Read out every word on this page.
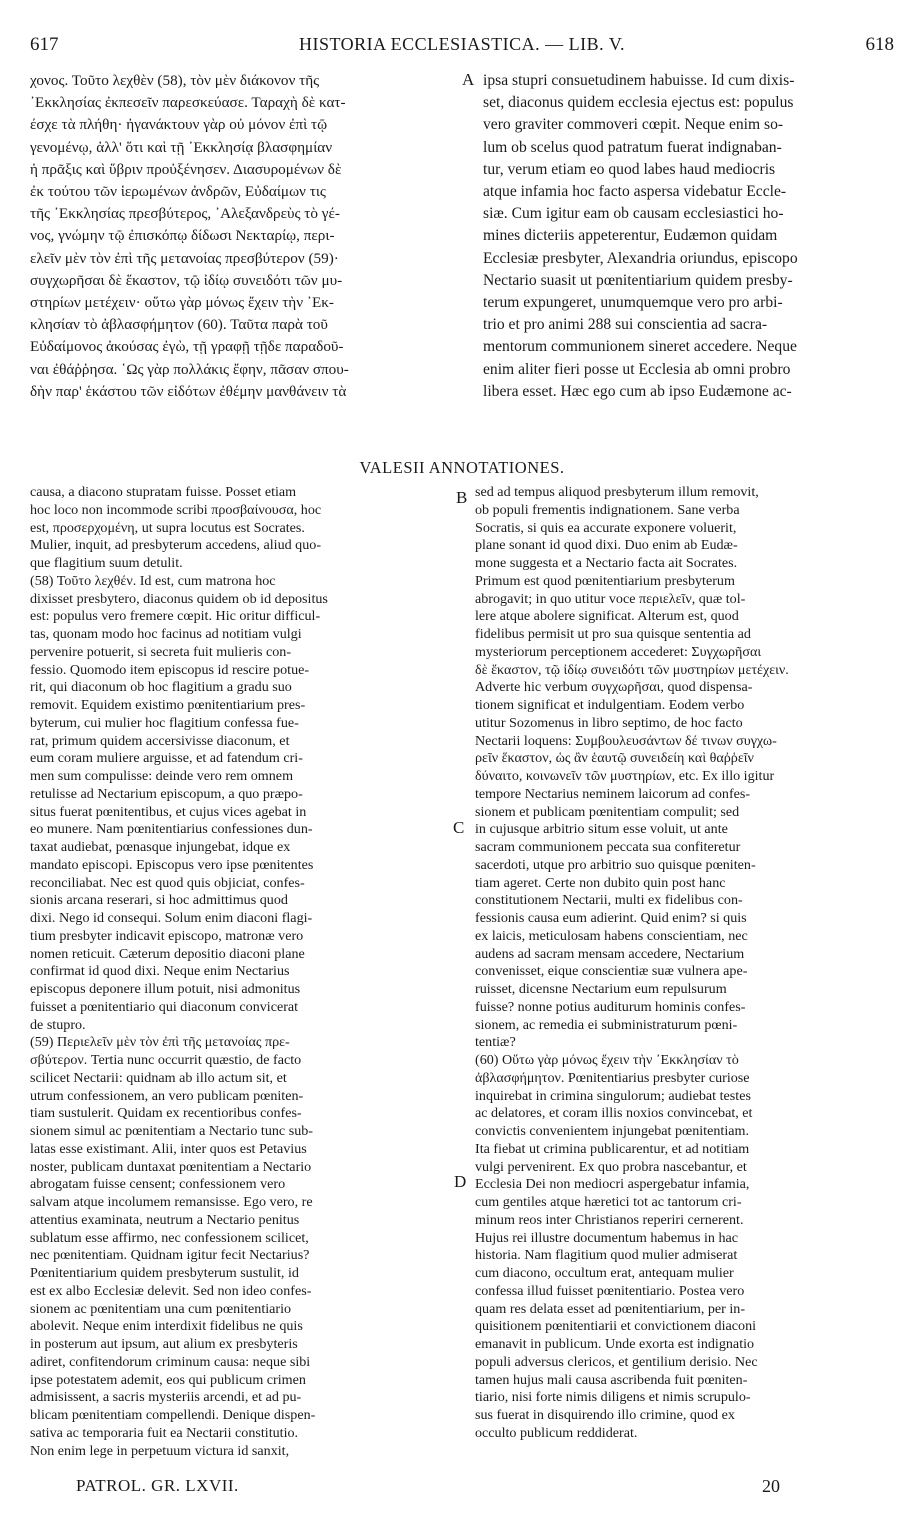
617	HISTORIA ECCLESIASTICA. — LIB. V.	618
χονος. Τοῦτο λεχθὲν (58), τὸν μὲν διάκονον τῆς
᾿Εκκλησίας ἐκπεσεῖν παρεσκεύασε. Ταραχὴ δὲ κατ-
έσχε τὰ πλήθη· ἠγανάκτουν γὰρ οὐ μόνον ἐπὶ τῷ
γενομένῳ, ἀλλ' ὅτι καὶ τῇ ᾿Εκκλησίᾳ βλασφημίαν
ἡ πρᾶξις καὶ ὕβριν προὐξένησεν. Διασυρομένων δὲ
ἐκ τούτου τῶν ἱερωμένων ἀνδρῶν, Εὐδαίμων τις
τῆς ᾿Εκκλησίας πρεσβύτερος, ᾿Αλεξανδρεὺς τὸ γέ-
νος, γνώμην τῷ ἐπισκόπῳ δίδωσι Νεκταρίῳ, περι-
ελεῖν μὲν τὸν ἐπὶ τῆς μετανοίας πρεσβύτερον (59)·
συγχωρῆσαι δὲ ἕκαστον, τῷ ἰδίῳ συνειδότι τῶν μυ-
στηρίων μετέχειν· οὕτω γὰρ μόνως ἔχειν τὴν ᾿Εκ-
κλησίαν τὸ ἀβλασφήμητον (60). Ταῦτα παρὰ τοῦ
Εὐδαίμονος ἀκούσας ἐγὼ, τῇ γραφῇ τῇδε παραδοῦ-
ναι ἐθάῤῥησα. ῾Ως γὰρ πολλάκις ἔφην, πᾶσαν σπου-
δὴν παρ' ἑκάστου τῶν εἰδότων ἐθέμην μανθάνειν τὰ
ipsa stupri consuetudinem habuisse. Id cum dixis-
set, diaconus quidem ecclesia ejectus est: populus
vero graviter commoveri cœpit. Neque enim so-
lum ob scelus quod patratum fuerat indignaban-
tur, verum etiam eo quod labes haud mediocris
atque infamia hoc facto aspersa videbatur Eccle-
siæ. Cum igitur eam ob causam ecclesiastici ho-
mines dicteriis appeterentur, Eudæmon quidam
Ecclesiæ presbyter, Alexandria oriundus, episcopo
Nectario suasit ut pœnitentiarium quidem presby-
terum expungeret, unumquemque vero pro arbi-
trio et pro animi 288 sui conscientia ad sacra-
mentorum communionem sineret accedere. Neque
enim aliter fieri posse ut Ecclesia ab omni probro
libera esset. Hæc ego cum ab ipso Eudæmone ac-
A
VALESII ANNOTATIONES.
B
C
D
causa, a diacono stupratam fuisse. Posset etiam
hoc loco non incommode scribi προσβαίνουσα, hoc
est, προσερχομένη, ut supra locutus est Socrates.
Mulier, inquit, ad presbyterum accedens, aliud quo-
que flagitium suum detulit.
(58) Τοῦτο λεχθέν. Id est, cum matrona hoc
dixisset presbytero, diaconus quidem ob id depositus
est: populus vero fremere cœpit. Hic oritur difficul-
tas, quonam modo hoc facinus ad notitiam vulgi
pervenire potuerit, si secreta fuit mulieris con-
fessio. Quomodo item episcopus id rescire potue-
rit, qui diaconum ob hoc flagitium a gradu suo
removit. Equidem existimo pœnitentiarium pres-
byterum, cui mulier hoc flagitium confessa fue-
rat, primum quidem accersivisse diaconum, et
eum coram muliere arguisse, et ad fatendum cri-
men sum compulisse: deinde vero rem omnem
retulisse ad Nectarium episcopum, a quo præpo-
situs fuerat pœnitentibus, et cujus vices agebat in
eo munere. Nam pœnitentiarius confessiones dun-
taxat audiebat, pœnasque injungebat, idque ex
mandato episcopi. Episcopus vero ipse pœnitentes
reconciliabat. Nec est quod quis objiciat, confes-
sionis arcana reserari, si hoc admittimus quod
dixi. Nego id consequi. Solum enim diaconi flagi-
tium presbyter indicavit episcopo, matronæ vero
nomen reticuit. Cæterum depositio diaconi plane
confirmat id quod dixi. Neque enim Nectarius
episcopus deponere illum potuit, nisi admonitus
fuisset a pœnitentiario qui diaconum convicerat
de stupro.
(59) Περιελεῖν μὲν τὸν ἐπὶ τῆς μετανοίας πρε-
σβύτερον. Tertia nunc occurrit quæstio, de facto
scilicet Nectarii: quidnam ab illo actum sit, et
utrum confessionem, an vero publicam pœniten-
tiam sustulerit. Quidam ex recentioribus confes-
sionem simul ac pœnitentiam a Nectario tunc sub-
latas esse existimant. Alii, inter quos est Petavius
noster, publicam duntaxat pœnitentiam a Nectario
abrogatam fuisse censent; confessionem vero
salvam atque incolumem remansisse. Ego vero, re
attentius examinata, neutrum a Nectario penitus
sublatum esse affirmo, nec confessionem scilicet,
nec pœnitentiam. Quidnam igitur fecit Nectarius?
Pœnitentiarium quidem presbyterum sustulit, id
est ex albo Ecclesiæ delevit. Sed non ideo confes-
sionem ac pœnitentiam una cum pœnitentiario
abolevit. Neque enim interdixit fidelibus ne quis
in posterum aut ipsum, aut alium ex presbyteris
adiret, confitendorum criminum causa: neque sibi
ipse potestatem ademit, eos qui publicum crimen
admisissent, a sacris mysteriis arcendi, et ad pu-
blicam pœnitentiam compellendi. Denique dispen-
sativa ac temporaria fuit ea Nectarii constitutio.
Non enim lege in perpetuum victura id sanxit,
sed ad tempus aliquod presbyterum illum removit,
ob populi frementis indignationem. Sane verba
Socratis, si quis ea accurate exponere voluerit,
plane sonant id quod dixi. Duo enim ab Eudæ-
mone suggesta et a Nectario facta ait Socrates.
Primum est quod pœnitentiarium presbyterum
abrogavit; in quo utitur voce περιελεῖν, quæ tol-
lere atque abolere significat. Alterum est, quod
fidelibus permisit ut pro sua quisque sententia ad
mysteriorum perceptionem accederet: Συγχωρῆσαι
δὲ ἕκαστον, τῷ ἰδίῳ συνειδότι τῶν μυστηρίων μετέχειν.
Adverte hic verbum συγχωρῆσαι, quod dispensa-
tionem significat et indulgentiam. Eodem verbo
utitur Sozomenus in libro septimo, de hoc facto
Nectarii loquens: Συμβουλευσάντων δέ τινων συγχω-
ρεῖν ἕκαστον, ὡς ἂν ἑαυτῷ συνειδείη καὶ θαῤῥεῖν
δύναιτο, κοινωνεῖν τῶν μυστηρίων, etc. Ex illo igitur
tempore Nectarius neminem laicorum ad confes-
sionem et publicam pœnitentiam compulit; sed
in cujusque arbitrio situm esse voluit, ut ante
sacram communionem peccata sua confiteretur
sacerdoti, utque pro arbitrio suo quisque pœniten-
tiam ageret. Certe non dubito quin post hanc
constitutionem Nectarii, multi ex fidelibus con-
fessionis causa eum adierint. Quid enim? si quis
ex laicis, meticulosam habens conscientiam, nec
audens ad sacram mensam accedere, Nectarium
convenisset, eique conscientiæ suæ vulnera ape-
ruisset, dicensne Nectarium eum repulsurum
fuisse? nonne potius auditurum hominis confes-
sionem, ac remedia ei subministraturum pœni-
tentiæ?
(60) Οὕτω γὰρ μόνως ἔχειν τὴν ᾿Εκκλησίαν τὸ
ἀβλασφήμητον. Pœnitentiarius presbyter curiose
inquirebat in crimina singulorum; audiebat testes
ac delatores, et coram illis noxios convincebat, et
convictis convenientem injungebat pœnitentiam.
Ita fiebat ut crimina publicarentur, et ad notitiam
vulgi pervenirent. Ex quo probra nascebantur, et
Ecclesia Dei non mediocri aspergebatur infamia,
cum gentiles atque hæretici tot ac tantorum cri-
minum reos inter Christianos reperiri cernerent.
Hujus rei illustre documentum habemus in hac
historia. Nam flagitium quod mulier admiserat
cum diacono, occultum erat, antequam mulier
confessa illud fuisset pœnitentiario. Postea vero
quam res delata esset ad pœnitentiarium, per in-
quisitionem pœnitentiarii et convictionem diaconi
emanavit in publicum. Unde exorta est indignatio
populi adversus clericos, et gentilium derisio. Nec
tamen hujus mali causa ascribenda fuit pœniten-
tiario, nisi forte nimis diligens et nimis scrupulo-
sus fuerat in disquirendo illo crimine, quod ex
occulto publicum reddiderat.
PATROL. GR. LXVII.	20
